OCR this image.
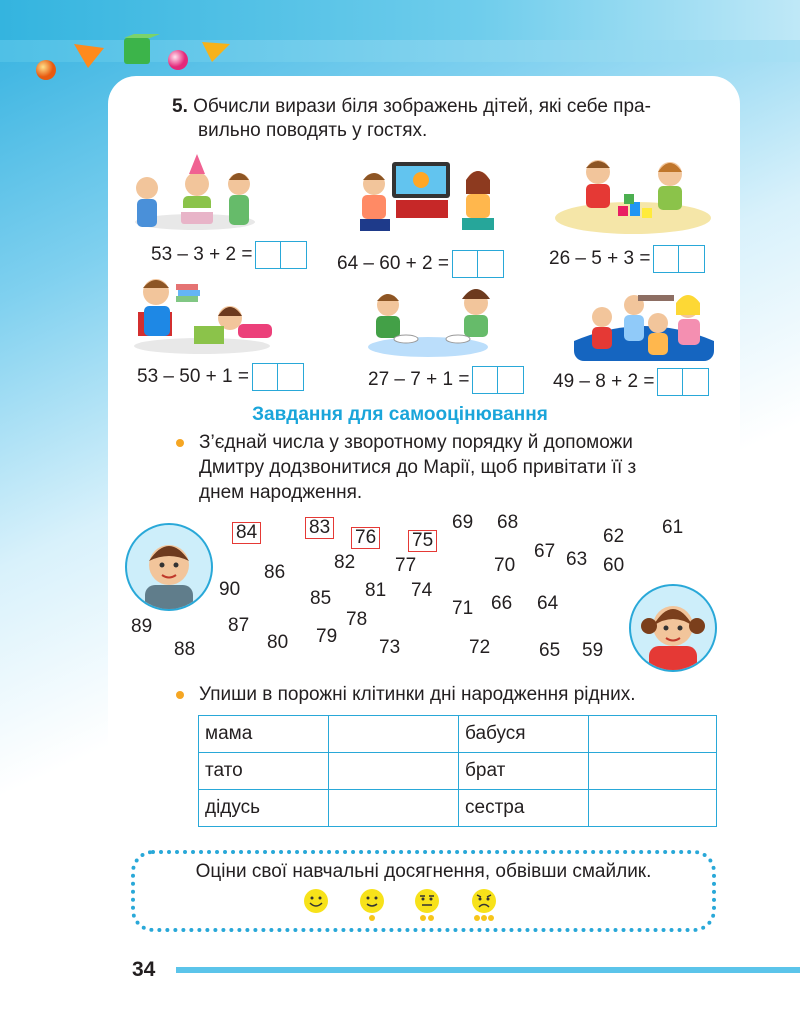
5. Обчисли вирази біля зображень дітей, які себе пра-
вильно поводять у гостях.
53 – 3 + 2 =	64 – 60 + 2 =	26 – 5 + 3 =
53 – 50 + 1 =	27 – 7 + 1 =	49 – 8 + 2 =
Завдання для самооцінювання
З’єднай числа у зворотному порядку й допоможи
Дмитру додзвонитися до Марії, щоб привітати її з
днем народження.
84	83 76 75
69 68
62 61
82 77	70
67 63 60
86
90	81 74
85	71 66 64
78
89	87
79
80
88	73	72	65 59
Упиши в порожні клітинки дні народження рідних.
мама		бабуся	
тато		брат	
дідусь		сестра	
Оціни свої навчальні досягнення, обвівши смайлик.
34
